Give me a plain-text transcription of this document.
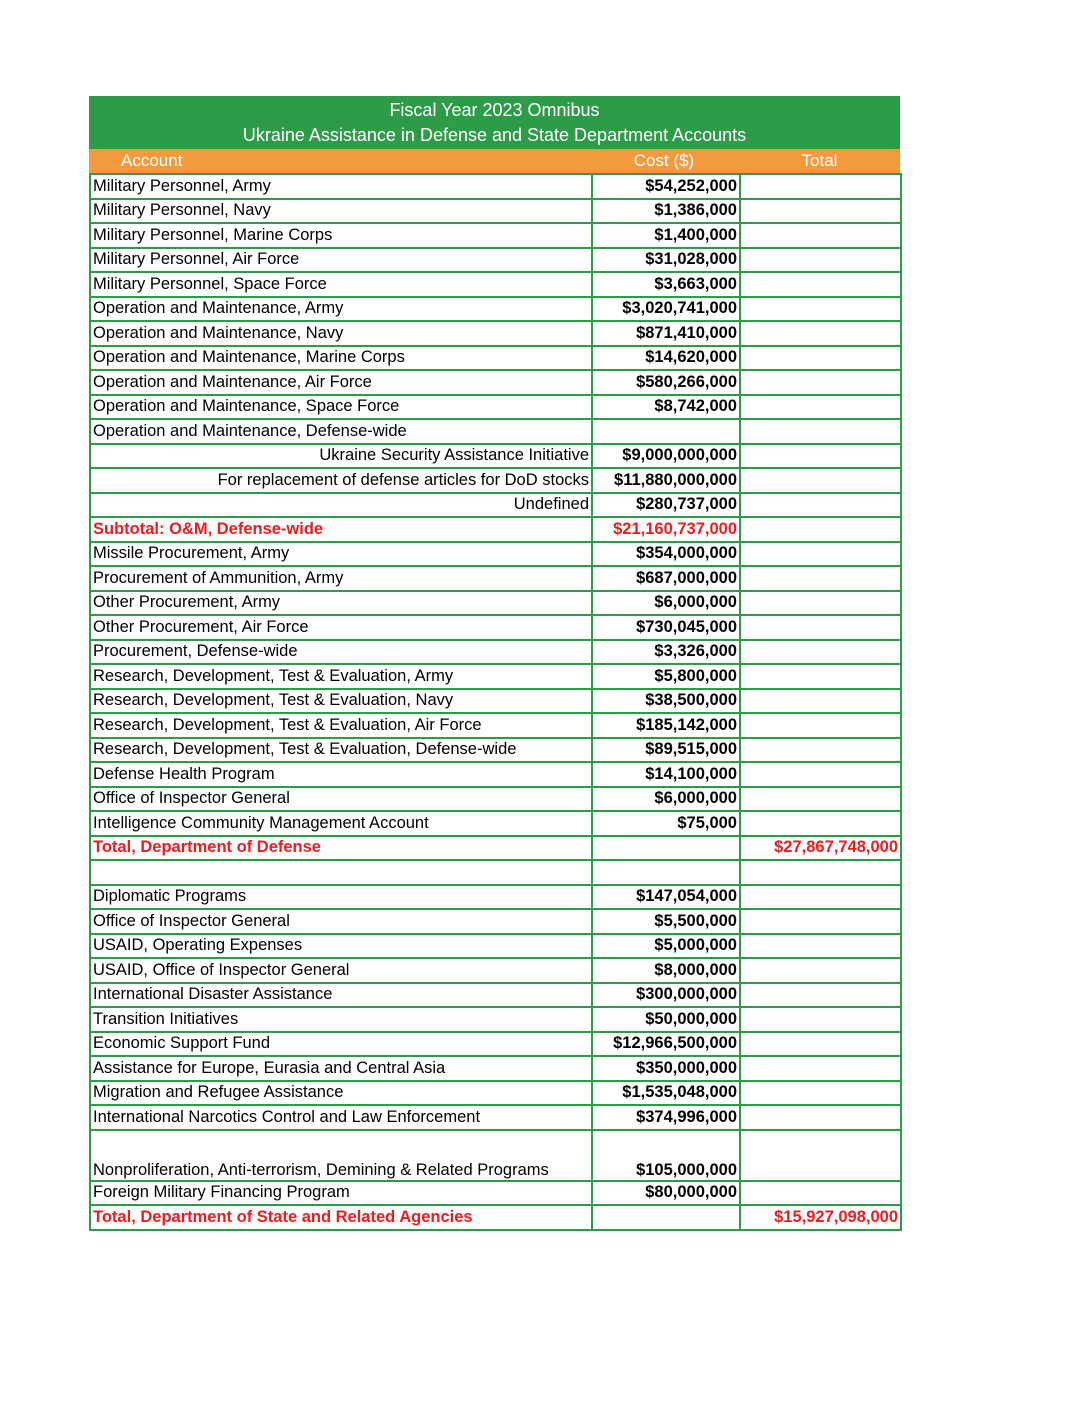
Fiscal Year 2023 Omnibus
Ukraine Assistance in Defense and State Department Accounts
Account	Cost ($)	Total
Military Personnel, Army	$54,252,000	
Military Personnel, Navy	$1,386,000	
Military Personnel, Marine Corps	$1,400,000	
Military Personnel, Air Force	$31,028,000	
Military Personnel, Space Force	$3,663,000	
Operation and Maintenance, Army	$3,020,741,000	
Operation and Maintenance, Navy	$871,410,000	
Operation and Maintenance, Marine Corps	$14,620,000	
Operation and Maintenance, Air Force	$580,266,000	
Operation and Maintenance, Space Force	$8,742,000	
Operation and Maintenance, Defense-wide		
Ukraine Security Assistance Initiative	$9,000,000,000	
For replacement of defense articles for DoD stocks	$11,880,000,000	
Undefined	$280,737,000	
Subtotal: O&M, Defense-wide	$21,160,737,000	
Missile Procurement, Army	$354,000,000	
Procurement of Ammunition, Army	$687,000,000	
Other Procurement, Army	$6,000,000	
Other Procurement, Air Force	$730,045,000	
Procurement, Defense-wide	$3,326,000	
Research, Development, Test & Evaluation, Army	$5,800,000	
Research, Development, Test & Evaluation, Navy	$38,500,000	
Research, Development, Test & Evaluation, Air Force	$185,142,000	
Research, Development, Test & Evaluation, Defense-wide	$89,515,000	
Defense Health Program	$14,100,000	
Office of Inspector General	$6,000,000	
Intelligence Community Management Account	$75,000	
Total, Department of Defense		$27,867,748,000

Diplomatic Programs	$147,054,000	
Office of Inspector General	$5,500,000	
USAID, Operating Expenses	$5,000,000	
USAID, Office of Inspector General	$8,000,000	
International Disaster Assistance	$300,000,000	
Transition Initiatives	$50,000,000	
Economic Support Fund	$12,966,500,000	
Assistance for Europe, Eurasia and Central Asia	$350,000,000	
Migration and Refugee Assistance	$1,535,048,000	
International Narcotics Control and Law Enforcement	$374,996,000	
Nonproliferation, Anti-terrorism, Demining & Related Programs	$105,000,000	
Foreign Military Financing Program	$80,000,000	
Total, Department of State and Related Agencies		$15,927,098,000
